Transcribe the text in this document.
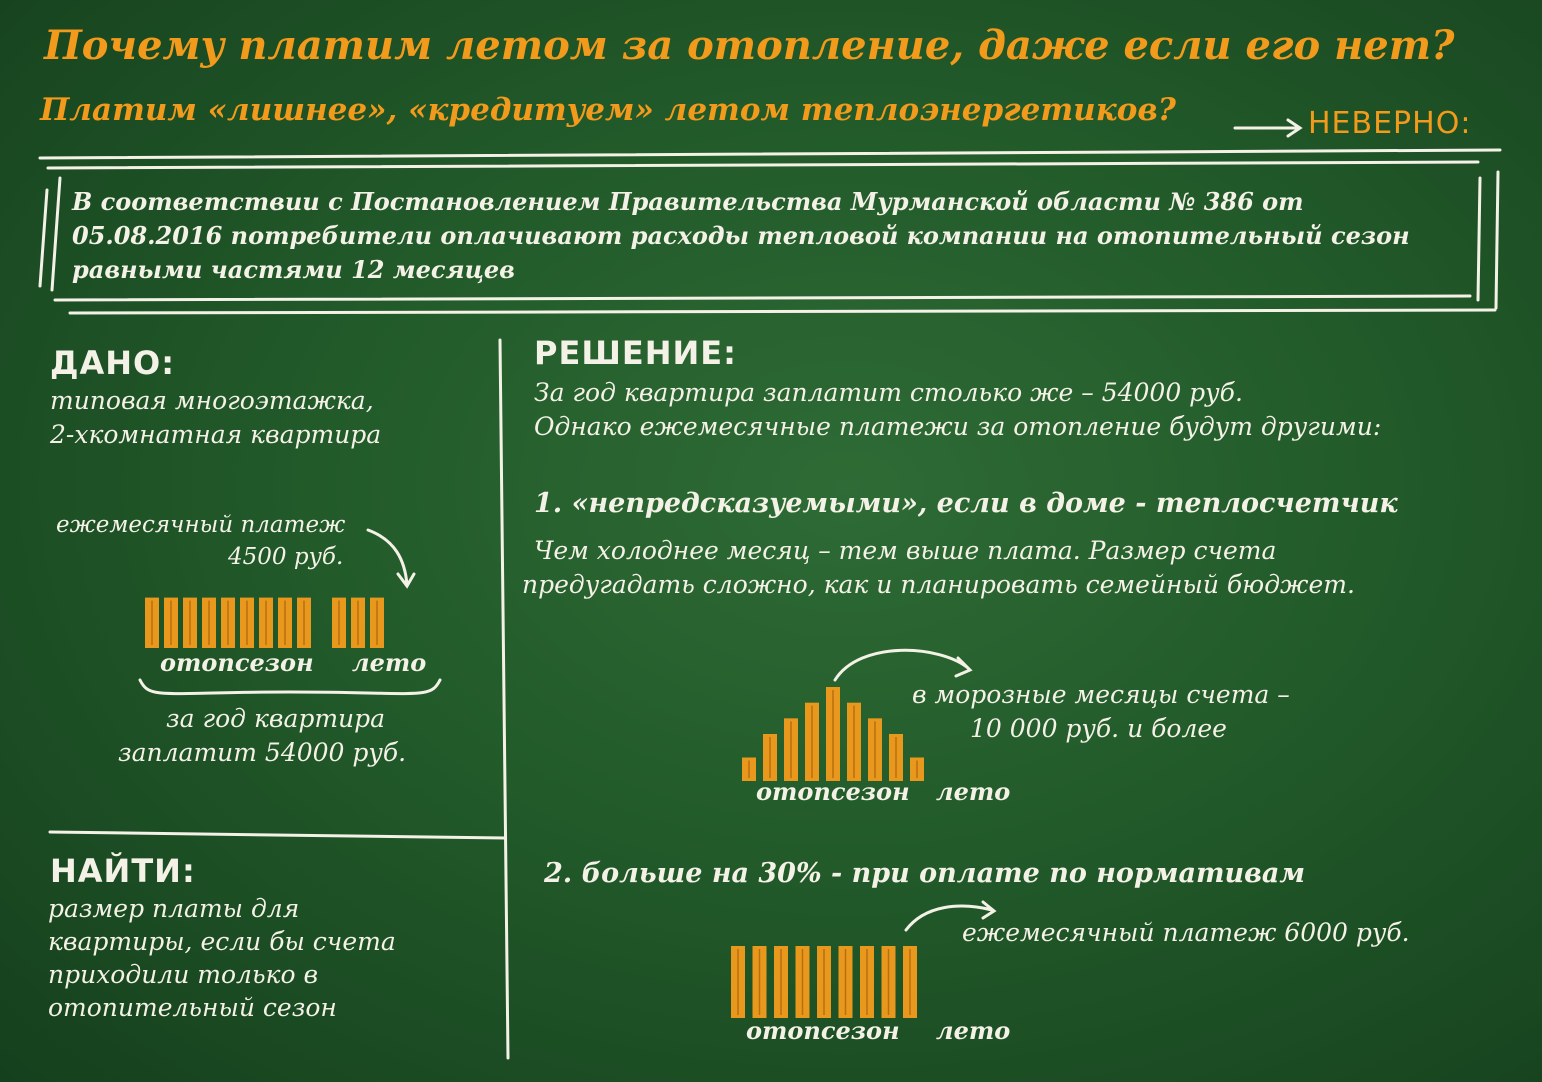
Почему платим летом за отопление, даже если его нет?
Платим «лишнее», «кредитуем» летом теплоэнергетиков?	НЕВЕРНО:
В соответствии с Постановлением Правительства Мурманской области № 386 от
05.08.2016 потребители оплачивают расходы тепловой компании на отопительный сезон
равными частями 12 месяцев
ДАНО:
типовая многоэтажка,
2-хкомнатная квартира
ежемесячный платеж
4500 руб.
отопсезон лето
за год квартира
заплатит 54000 руб.
НАЙТИ:
размер платы для
квартиры, если бы счета
приходили только в
отопительный сезон
РЕШЕНИЕ:
За год квартира заплатит столько же – 54000 руб.
Однако ежемесячные платежи за отопление будут другими:
1. «непредсказуемыми», если в доме - теплосчетчик
Чем холоднее месяц – тем выше плата. Размер счета
предугадать сложно, как и планировать семейный бюджет.
в морозные месяцы счета –
10 000 руб. и более
отопсезон лето
2. больше на 30% - при оплате по нормативам
ежемесячный платеж 6000 руб.
отопсезон лето
